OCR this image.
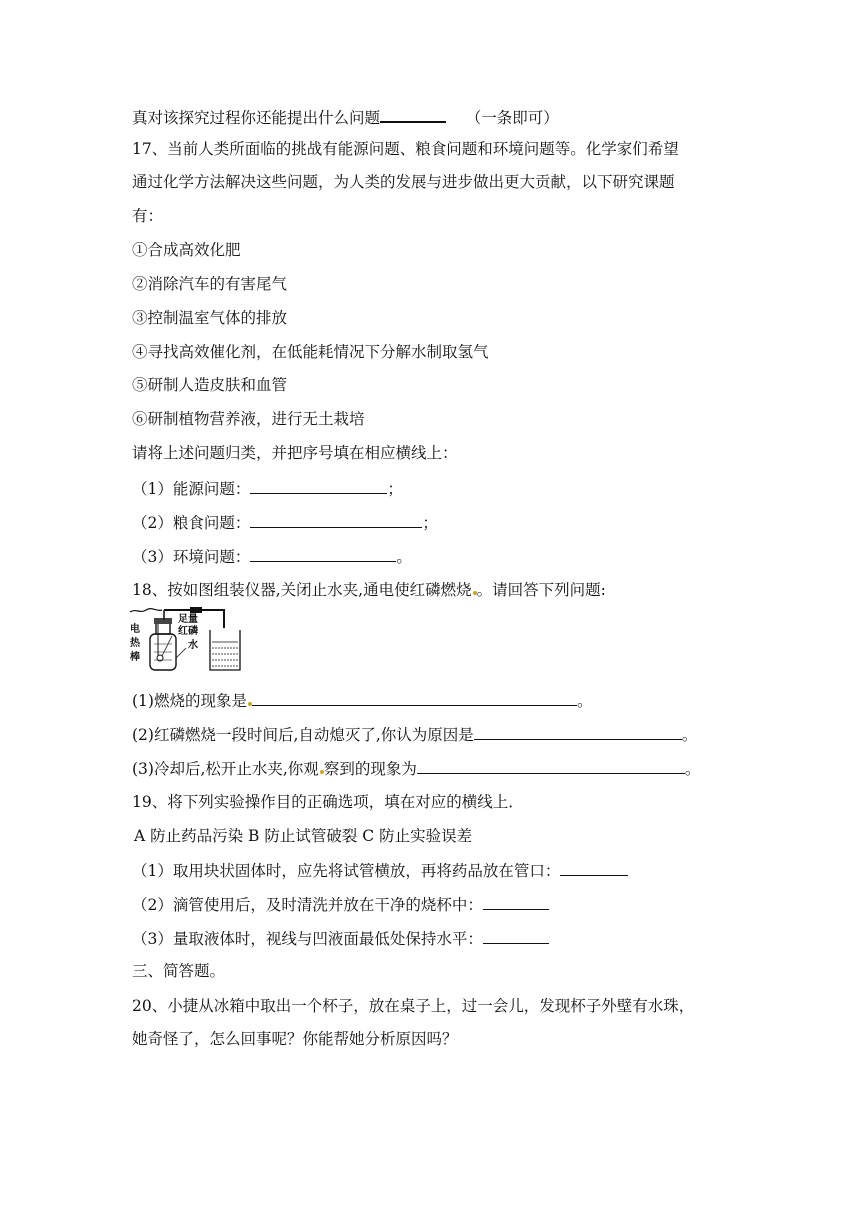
真对该探究过程你还能提出什么问题	（一条即可）
17、当前人类所面临的挑战有能源问题、粮食问题和环境问题等。化学家们希望
通过化学方法解决这些问题，为人类的发展与进步做出更大贡献，以下研究课题
有：
①合成高效化肥
②消除汽车的有害尾气
③控制温室气体的排放
④寻找高效催化剂，在低能耗情况下分解水制取氢气
⑤研制人造皮肤和血管
⑥研制植物营养液，进行无土栽培
请将上述问题归类，并把序号填在相应横线上：
（1）能源问题：	；
（2）粮食问题：	；
（3）环境问题：	。
18、按如图组装仪器,关闭止水夹,通电使红磷燃烧 。请回答下列问题:
电
热
棒
足量
红磷
水
(1)燃烧的现象是	。
(2)红磷燃烧一段时间后,自动熄灭了,你认为原因是	。
(3)冷却后,松开止水夹,你观 察到的现象为	。
19、将下列实验操作目的正确选项，填在对应的横线上．
A 防止药品污染 B 防止试管破裂 C 防止实验误差
（1）取用块状固体时，应先将试管横放，再将药品放在管口：
（2）滴管使用后，及时清洗并放在干净的烧杯中：
（3）量取液体时，视线与凹液面最低处保持水平：
三、简答题。
20、小捷从冰箱中取出一个杯子，放在桌子上，过一会儿，发现杯子外壁有水珠，
她奇怪了，怎么回事呢？你能帮她分析原因吗？
